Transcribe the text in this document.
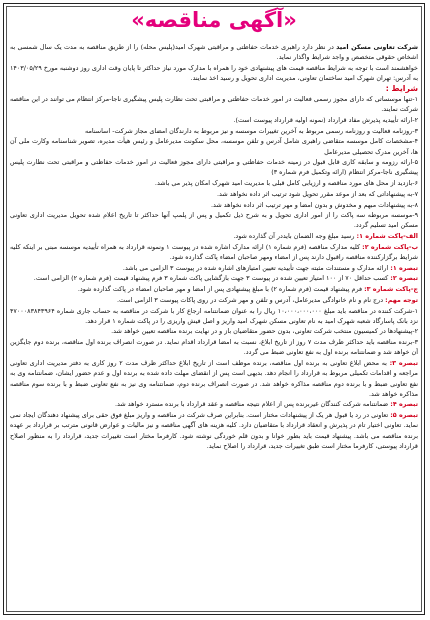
«آگهی مناقصه»

شرکت تعاونی مسکن امید در نظر دارد راهبری خدمات حفاظتی و مراقبتی شهرک امید(پلیس محله) را از طریق مناقصه به مدت یک سال شمسی به اشخاص حقوقی متخصص و واجد شرایط واگذار نماید.

خواهشمند است با توجه به شرایط مناقصه قیمت های پیشنهادی خود را همراه با مدارک مورد نیاز حداکثر تا پایان وقت اداری روز دوشنبه مورخ ۱۴۰۳/۰۵/۲۹ به آدرس: تهران شهرک امید ساختمان تعاونی، مدیریت اداری تحویل و رسید اخذ نمایند.

شرایط :

۱-تنها موسساتی که دارای مجوز رسمی فعالیت در امور خدمات حفاظتی و مراقبتی تحت نظارت پلیس پیشگیری ناجا-مرکز انتظام می توانند در این مناقصه شرکت نمایند.

۲-ارائه تأییدیه پذیرش مفاد قرارداد (نمونه اولیه قرارداد پیوست است).

۳-روزنامه فعالیت و روزنامه رسمی مربوط به آخرین تغییرات موسسه و نیز مربوط به دارندگان امضای مجاز شرکت- اساسنامه

۴-مشخصات کامل موسسه متقاضی راهبری شامل آدرس و تلفن موسسه، محل سکونت مدیرعامل و رئیس هیأت مدیره، تصویر شناسنامه وکارت ملی آن ها، آخرین مدرک تحصیلی مدیرعامل

۵-ارائه رزومه و سابقه کاری قابل قبول در زمینه خدمات حفاظتی و مراقبتی دارای مجوز فعالیت در امور خدمات حفاظتی و مراقبتی تحت نظارت پلیس پیشگیری ناجا-مرکز انتظام (ارائه وتکمیل فرم شماره ۳)

۶-بازدید از محل های مورد مناقصه و ارزیابی کامل قبلی با مدیریت امید شهرک امکان پذیر می باشد.

۷-به پیشنهاداتی که بعد از موعد مقرر تحویل شود ترتیب اثر داده نخواهد شد.

۸-به پیشنهادات مبهم و مخدوش و بدون امضا و مهر ترتیب اثر داده نخواهد شد.

۹-موسسه مربوطه سه پاکت را از امور اداری تحویل و به شرح ذیل تکمیل و پس از پلمپ آنها حداکثر تا تاریخ اعلام شده تحویل مدیریت اداری تعاونی مسکن امید تسلیم گردد.

الف-پاکت شماره ۱: رسید مبلغ وجه الضمان بایددر آن گذارده شود.

ب-پاکت شماره ۲: کلیه مدارک مناقصه (فرم شماره ۱) ارائه مدارک اشاره شده در پیوست ۱ ونمونه قرارداد به همراه تأییدیه موسسه مبنی بر اینکه کلیه شرایط برگزارکننده مناقصه راقبول دارند پس از امضاء ومهر صاحبان امضاء پاکت گذارده شود.

تبصره ۱: ارائه مدارک و مستندات مثبته جهت تأییدیه تعیین امتیازهای اشاره شده در پیوست ۳ الزامی می باشد.

تبصره ۲: کسب حداقل ۷۰ از ۱۰۰ امتیاز تعیین شده در پیوست ۳ جهت بازگشایی پاکت شماره ۳ فرم پیشنهاد قیمت (فرم شماره ۲) الزامی است.

ج-پاکت شماره ۳: فرم پیشنهاد قیمت (فرم شماره ۲) با مبلغ پیشنهادی پس از امضا و مهر صاحبان امضاء در پاکت گذارده شود.

توجه مهم: درج نام و نام خانوادگی مدیرعامل، آدرس و تلفن و مهر شرکت در روی پاکات پیوست ۳ الزامی است.

۱-شرکت کننده در مناقصه باید مبلغ ۱۰،۰۰۰،۰۰۰،۰۰۰ ریال را به عنوان ضمانتنامه ارجاع کار با شرکت در مناقصه به حساب جاری شماره ۴۷۰۰۰۸۳۸۴۳۹۶۴ نزد بانک پاسارگاد شعبه شهرک امید به نام تعاونی مسکن شهرک امید واریز و اصل فیش واریزی را در پاکت شماره ۱ قرار دهد.

۲-پیشنهادها در کمیسیون منتخب شرکت تعاونی، بدون حضور متقاضیان باز و در نهایت برنده مناقصه تعیین خواهد شد.

۳-برنده مناقصه باید حداکثر ظرف مدت ۷ روز از تاریخ ابلاغ، نسبت به امضا قرارداد اقدام نماید. در صورت انصراف برنده اول مناقصه، برنده دوم جایگزین آن خواهد شد و ضمانتنامه برنده اول به نفع تعاونی ضبط می گردد.

تبصره ۳: به محض ابلاغ تعاونی به برنده اول مناقصه، برنده موظف است از تاریخ ابلاغ حداکثر ظرف مدت ۲ روز کاری به دفتر مدیریت اداری تعاونی مراجعه و اقدامات تکمیلی مربوط به قرارداد را انجام دهد. بدیهی است پس از انقضای مهلت داده شده به برنده اول و عدم حضور ایشان، ضمانتنامه وی به نفع تعاونی ضبط و با برنده دوم مناقصه مذاکره خواهد شد. در صورت انصراف برنده دوم، ضمانتنامه وی نیز به نفع تعاونی ضبط و با برنده سوم مناقصه مذاکره خواهد شد.

تبصره ۴: ضمانتنامه شرکت کنندگان غیربرنده پس از اعلام نتیجه مناقصه و عقد قرارداد با برنده مسترد خواهد شد.

تبصره ۵: تعاونی در رد یا قبول هر یک از پیشنهادات مختار است. بنابراین صرف شرکت در مناقصه و واریز مبلغ فوق حقی برای پیشنهاد دهندگان ایجاد نمی نماید. تعاونی اختیار تام در پذیرش و انعقاد قرارداد با متقاضیان دارد. کلیه هزینه های آگهی مناقصه و نیز مالیات و عوارض قانونی مترتب بر قرارداد بر عهده برنده مناقصه می باشد. پیشنهاد قیمت باید بطور خوانا و بدون قلم خوردگی نوشته شود. کارفرما مختار است تغییرات جدید، قرارداد را به منظور اصلاح قرارداد پیوستی، کارفرما مختار است طبق تغییرات جدید، قرارداد را اصلاح نماید.
